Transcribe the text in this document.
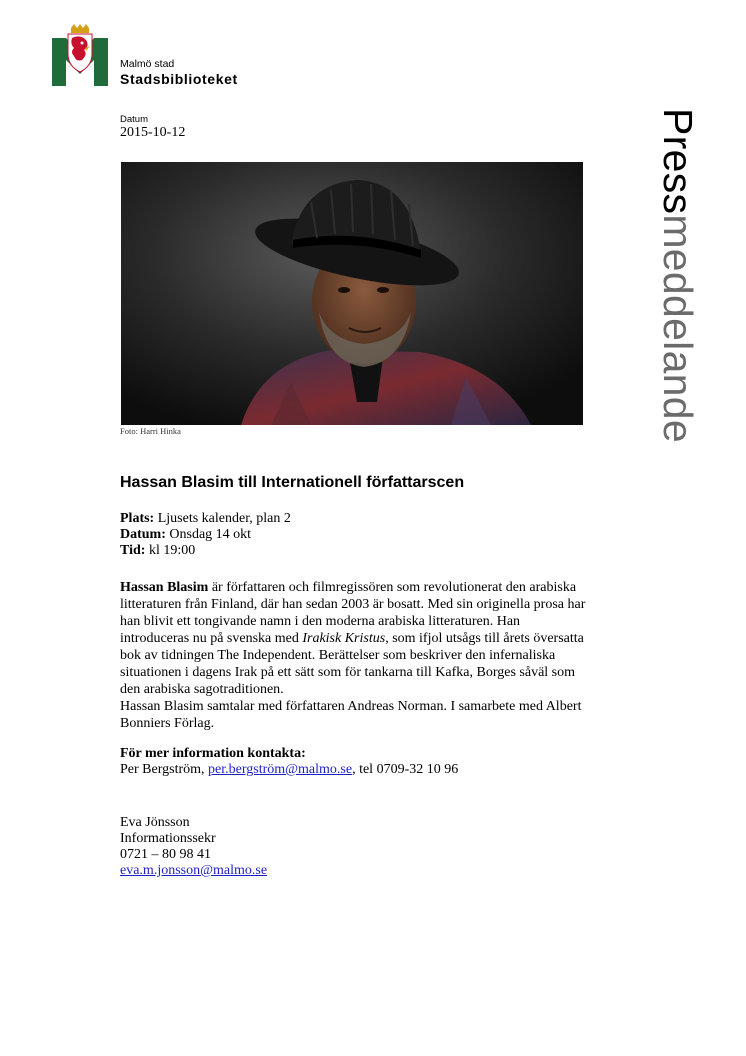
Malmö stad
Stadsbiblioteket
Datum
2015-10-12
Foto: Harri Hinka
Pressmeddelande
Hassan Blasim till Internationell författarscen
Plats: Ljusets kalender, plan 2
Datum: Onsdag 14 okt
Tid: kl 19:00

Hassan Blasim är författaren och filmregissören som revolutionerat den arabiska litteraturen från Finland, där han sedan 2003 är bosatt. Med sin originella prosa har han blivit ett tongivande namn i den moderna arabiska litteraturen. Han introduceras nu på svenska med Irakisk Kristus, som ifjol utsågs till årets översatta bok av tidningen The Independent. Berättelser som beskriver den infernaliska situationen i dagens Irak på ett sätt som för tankarna till Kafka, Borges såväl som den arabiska sagotraditionen.

Hassan Blasim samtalar med författaren Andreas Norman. I samarbete med Albert Bonniers Förlag.

För mer information kontakta:
Per Bergström, per.bergström@malmo.se, tel 0709-32 10 96
Eva Jönsson
Informationssekr
0721 – 80 98 41
eva.m.jonsson@malmo.se
